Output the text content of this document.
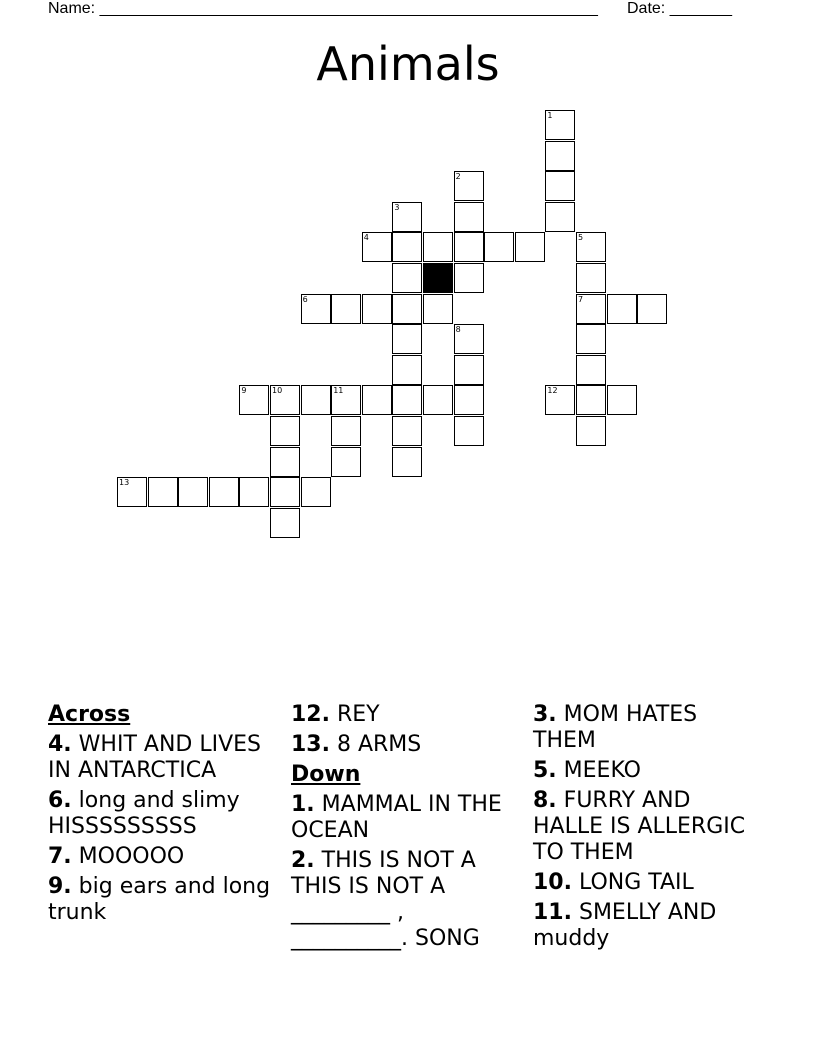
Name: ________________________________________________________ Date: _______
Animals
1
2
3
4	5
7
6
8
9	10	11	12
13
Across
4. WHIT AND LIVES IN ANTARCTICA
6. long and slimy HISSSSSSSSS
7. MOOOOO
9. big ears and long trunk
12. REY
13. 8 ARMS
Down
1. MAMMAL IN THE OCEAN
2. THIS IS NOT A THIS IS NOT A _________ , __________. SONG
3. MOM HATES THEM
5. MEEKO
8. FURRY AND HALLE IS ALLERGIC TO THEM
10. LONG TAIL
11. SMELLY AND muddy
